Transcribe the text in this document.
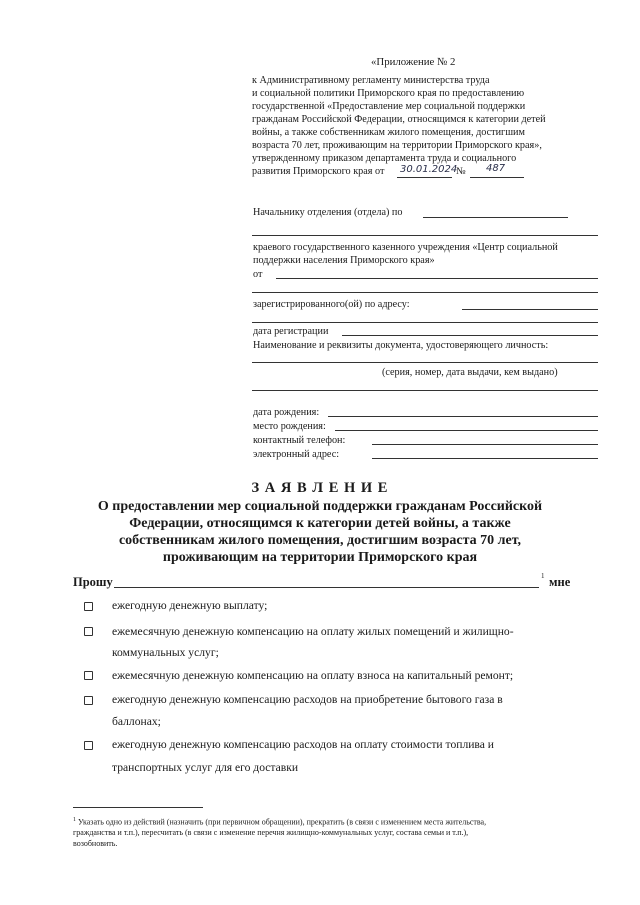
«Приложение № 2
к Административному регламенту министерства труда
и социальной политики Приморского края по предоставлению
государственной «Предоставление мер социальной поддержки
гражданам Российской Федерации, относящимся к категории детей
войны, а также собственникам жилого помещения, достигшим
возраста 70 лет, проживающим на территории Приморского края»,
утвержденному приказом департамента труда и социального
развития Приморского края от 30.01.2024
№ 487
Начальнику отделения (отдела) по
краевого государственного казенного учреждения «Центр социальной
поддержки населения Приморского края»
от
зарегистрированного(ой) по адресу:
дата регистрации
Наименование и реквизиты документа, удостоверяющего личность:
(серия, номер, дата выдачи, кем выдано)
дата рождения:
место рождения:
контактный телефон:
электронный адрес:
З А Я В Л Е Н И Е
О предоставлении мер социальной поддержки гражданам Российской
Федерации, относящимся к категории детей войны, а также
собственникам жилого помещения, достигшим возраста 70 лет,
проживающим на территории Приморского края
Прошу	1 мне
ежегодную денежную выплату;
ежемесячную денежную компенсацию на оплату жилых помещений и жилищно-
коммунальных услуг;
ежемесячную денежную компенсацию на оплату взноса на капитальный ремонт;
ежегодную денежную компенсацию расходов на приобретение бытового газа в
баллонах;
ежегодную денежную компенсацию расходов на оплату стоимости топлива и
транспортных услуг для его доставки
$^1$ Указать одно из действий (назначить (при первичном обращении), прекратить (в связи с изменением места жительства,
гражданства и т.п.), пересчитать (в связи с изменение перечня жилищно-коммунальных услуг, состава семьи и т.п.),
возобновить.
